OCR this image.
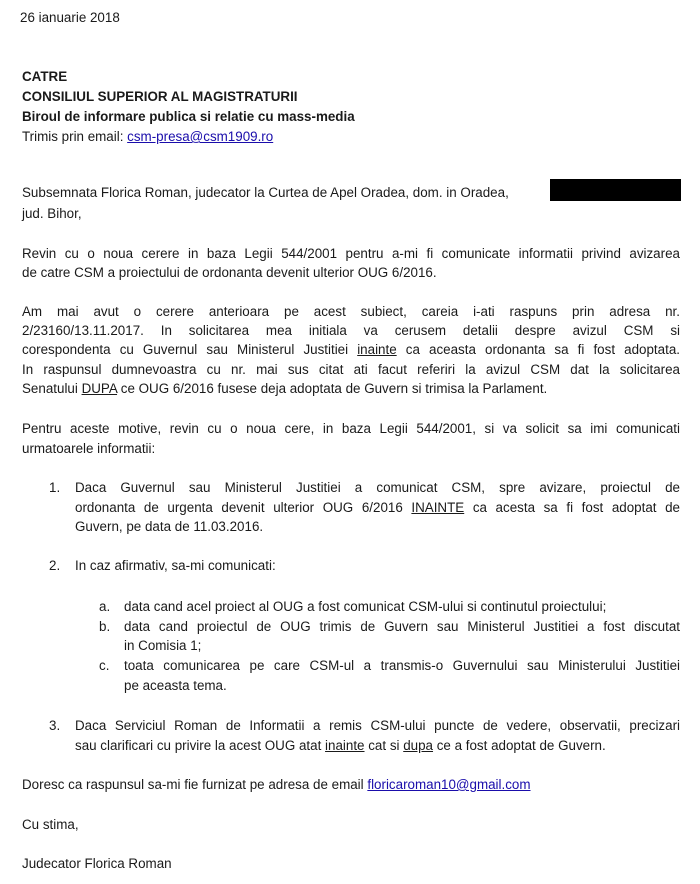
26 ianuarie 2018
CATRE
CONSILIUL SUPERIOR AL MAGISTRATURII
Biroul de informare publica si relatie cu mass-media
Trimis prin email: csm-presa@csm1909.ro
Subsemnata Florica Roman, judecator la Curtea de Apel Oradea, dom. in Oradea,
jud. Bihor,
Revin cu o noua cerere in baza Legii 544/2001 pentru a-mi fi comunicate informatii privind avizarea
de catre CSM a proiectului de ordonanta devenit ulterior OUG 6/2016.
Am mai avut o cerere anterioara pe acest subiect, careia i-ati raspuns prin adresa nr.
2/23160/13.11.2017. In solicitarea mea initiala va cerusem detalii despre avizul CSM si
corespondenta cu Guvernul sau Ministerul Justitiei inainte ca aceasta ordonanta sa fi fost adoptata.
In raspunsul dumnevoastra cu nr. mai sus citat ati facut referiri la avizul CSM dat la solicitarea
Senatului DUPA ce OUG 6/2016 fusese deja adoptata de Guvern si trimisa la Parlament.
Pentru aceste motive, revin cu o noua cere, in baza Legii 544/2001, si va solicit sa imi comunicati
urmatoarele informatii:
1. Daca Guvernul sau Ministerul Justitiei a comunicat CSM, spre avizare, proiectul de
ordonanta de urgenta devenit ulterior OUG 6/2016 INAINTE ca acesta sa fi fost adoptat de
Guvern, pe data de 11.03.2016.
2. In caz afirmativ, sa-mi comunicati:
a. data cand acel proiect al OUG a fost comunicat CSM-ului si continutul proiectului;
b. data cand proiectul de OUG trimis de Guvern sau Ministerul Justitiei a fost discutat
in Comisia 1;
c. toata comunicarea pe care CSM-ul a transmis-o Guvernului sau Ministerului Justitiei
pe aceasta tema.
3. Daca Serviciul Roman de Informatii a remis CSM-ului puncte de vedere, observatii, precizari
sau clarificari cu privire la acest OUG atat inainte cat si dupa ce a fost adoptat de Guvern.
Doresc ca raspunsul sa-mi fie furnizat pe adresa de email floricaroman10@gmail.com
Cu stima,
Judecator Florica Roman
